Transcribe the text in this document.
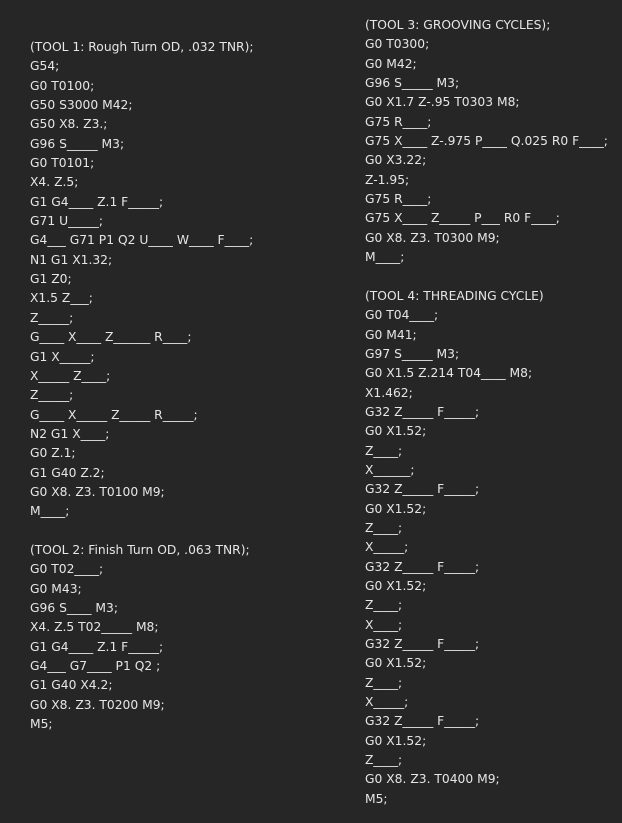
(TOOL 1: Rough Turn OD, .032 TNR);
G54;
G0 T0100;
G50 S3000 M42;
G50 X8. Z3.;
G96 S_____ M3;
G0 T0101;
X4. Z.5;
G1 G4____ Z.1 F_____;
G71 U_____;
G4___ G71 P1 Q2 U____ W____ F____;
N1 G1 X1.32;
G1 Z0;
X1.5 Z___;
Z_____;
G____ X____ Z______ R____;
G1 X_____;
X_____ Z____;
Z_____;
G____ X_____ Z_____ R_____;
N2 G1 X____;
G0 Z.1;
G1 G40 Z.2;
G0 X8. Z3. T0100 M9;
M____;
(TOOL 2: Finish Turn OD, .063 TNR);
G0 T02____;
G0 M43;
G96 S____ M3;
X4. Z.5 T02_____ M8;
G1 G4____ Z.1 F_____;
G4___ G7____ P1 Q2 ;
G1 G40 X4.2;
G0 X8. Z3. T0200 M9;
M5;
(TOOL 3: GROOVING CYCLES);
G0 T0300;
G0 M42;
G96 S_____ M3;
G0 X1.7 Z-.95 T0303 M8;
G75 R____;
G75 X____ Z-.975 P____ Q.025 R0 F____;
G0 X3.22;
Z-1.95;
G75 R____;
G75 X____ Z_____ P___ R0 F____;
G0 X8. Z3. T0300 M9;
M____;
(TOOL 4: THREADING CYCLE)
G0 T04____;
G0 M41;
G97 S_____ M3;
G0 X1.5 Z.214 T04____ M8;
X1.462;
G32 Z_____ F_____;
G0 X1.52;
Z____;
X______;
G32 Z_____ F_____;
G0 X1.52;
Z____;
X_____;
G32 Z_____ F_____;
G0 X1.52;
Z____;
X____;
G32 Z_____ F_____;
G0 X1.52;
Z____;
X_____;
G32 Z_____ F_____;
G0 X1.52;
Z____;
G0 X8. Z3. T0400 M9;
M5;
